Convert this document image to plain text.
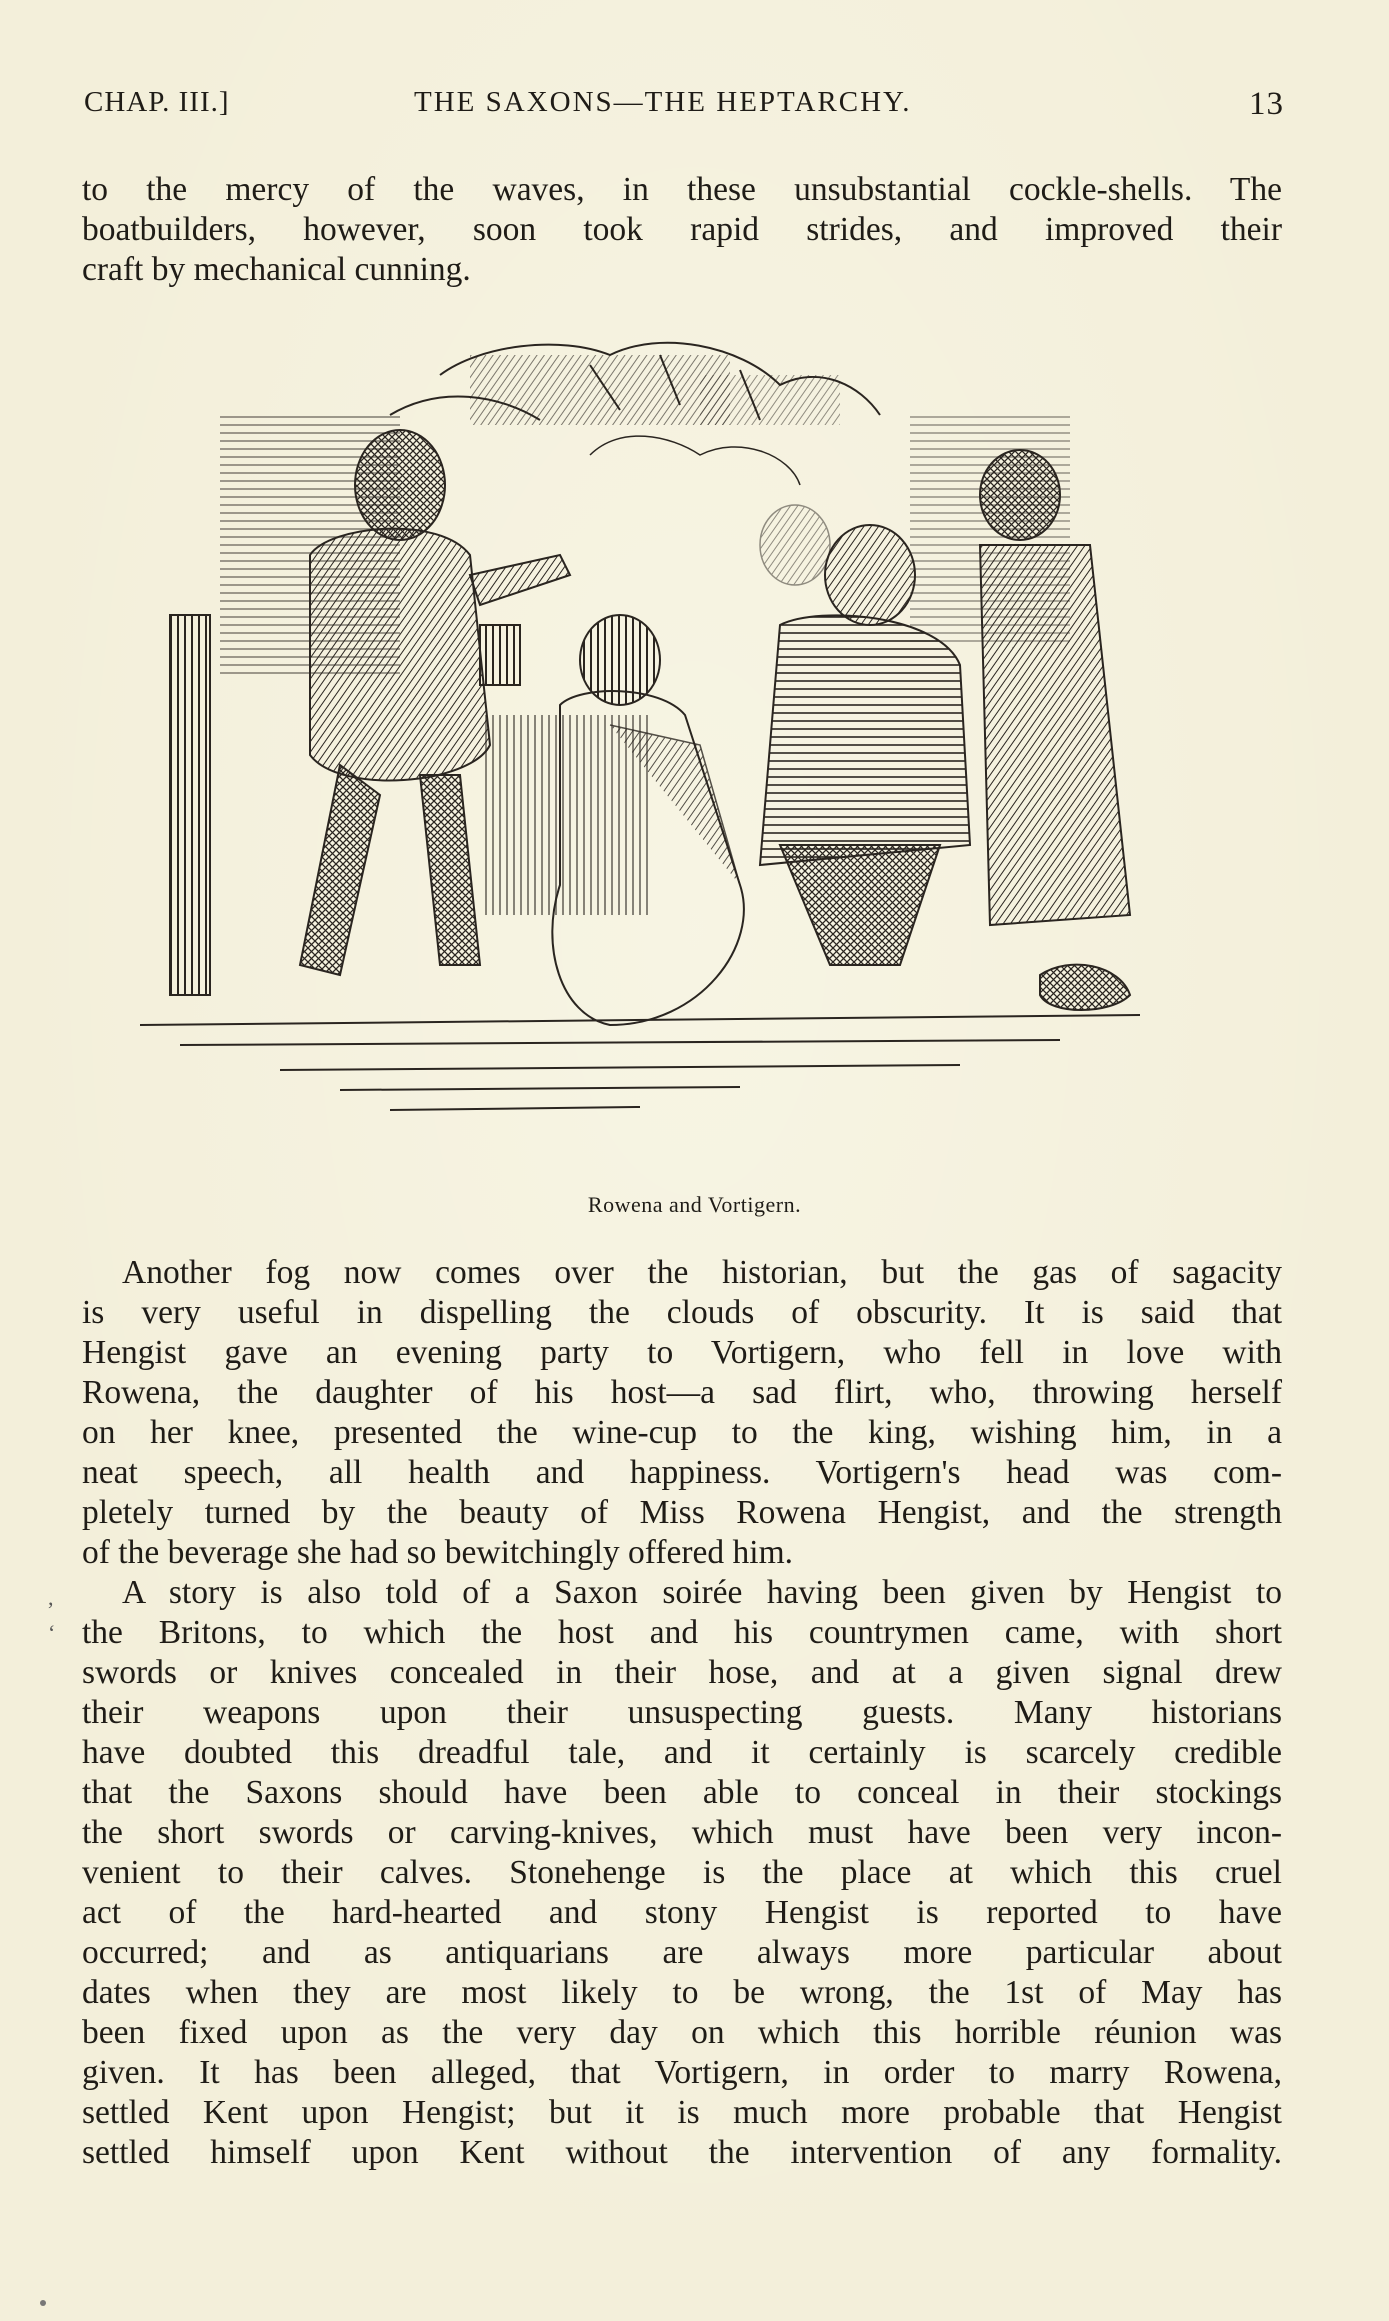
CHAP. III.]	THE SAXONS—THE HEPTARCHY.	13
to the mercy of the waves, in these unsubstantial cockle-shells. The
boatbuilders, however, soon took rapid strides, and improved their
craft by mechanical cunning.
Rowena and Vortigern.
Another fog now comes over the historian, but the gas of sagacity
is very useful in dispelling the clouds of obscurity. It is said that
Hengist gave an evening party to Vortigern, who fell in love with
Rowena, the daughter of his host—a sad flirt, who, throwing herself
on her knee, presented the wine-cup to the king, wishing him, in a
neat speech, all health and happiness. Vortigern's head was com-
pletely turned by the beauty of Miss Rowena Hengist, and the strength
of the beverage she had so bewitchingly offered him.
A story is also told of a Saxon soirée having been given by Hengist to
the Britons, to which the host and his countrymen came, with short
swords or knives concealed in their hose, and at a given signal drew
their weapons upon their unsuspecting guests. Many historians
have doubted this dreadful tale, and it certainly is scarcely credible
that the Saxons should have been able to conceal in their stockings
the short swords or carving-knives, which must have been very incon-
venient to their calves. Stonehenge is the place at which this cruel
act of the hard-hearted and stony Hengist is reported to have
occurred; and as antiquarians are always more particular about
dates when they are most likely to be wrong, the 1st of May has
been fixed upon as the very day on which this horrible réunion was
given. It has been alleged, that Vortigern, in order to marry Rowena,
settled Kent upon Hengist; but it is much more probable that Hengist
settled himself upon Kent without the intervention of any formality.
,
‘
